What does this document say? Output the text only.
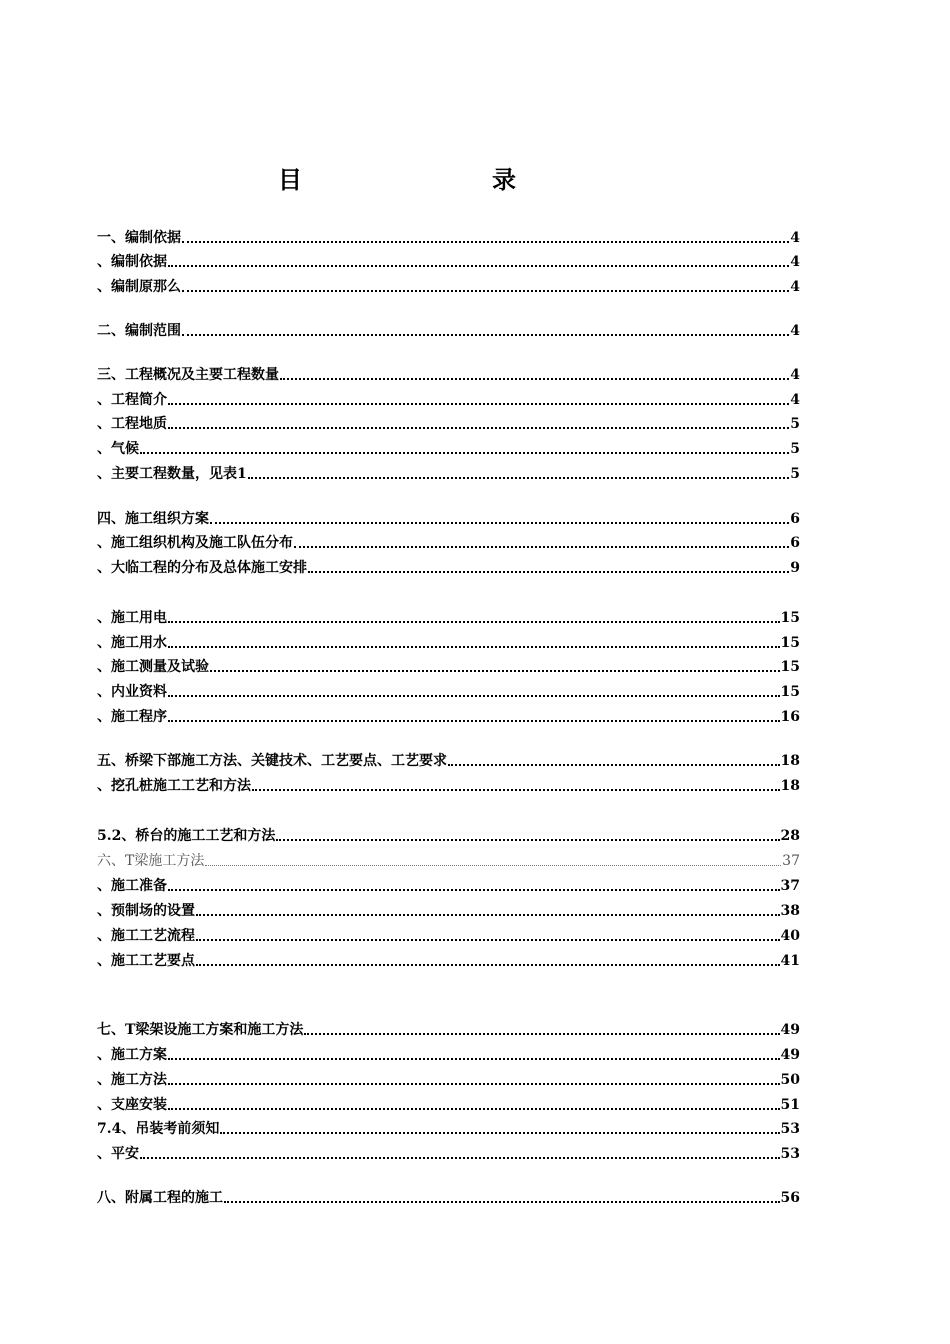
目	录
一、编制依据	4
、编制依据	4
、编制原那么	4
二、编制范围	4
三、工程概况及主要工程数量	4
、工程简介	4
、工程地质	5
、气候	5
、主要工程数量，见表1	5
四、施工组织方案	6
、施工组织机构及施工队伍分布	6
、大临工程的分布及总体施工安排	9
、施工用电	15
、施工用水	15
、施工测量及试验	15
、内业资料	15
、施工程序	16
五、桥梁下部施工方法、关键技术、工艺要点、工艺要求	18
、挖孔桩施工工艺和方法	18
5.2、桥台的施工工艺和方法	28
六、T梁施工方法	37
、施工准备	37
、预制场的设置	38
、施工工艺流程	40
、施工工艺要点	41
七、T梁架设施工方案和施工方法	49
、施工方案	49
、施工方法	50
、支座安装	51
7.4、吊装考前须知	53
、平安	53
八、附属工程的施工	56
